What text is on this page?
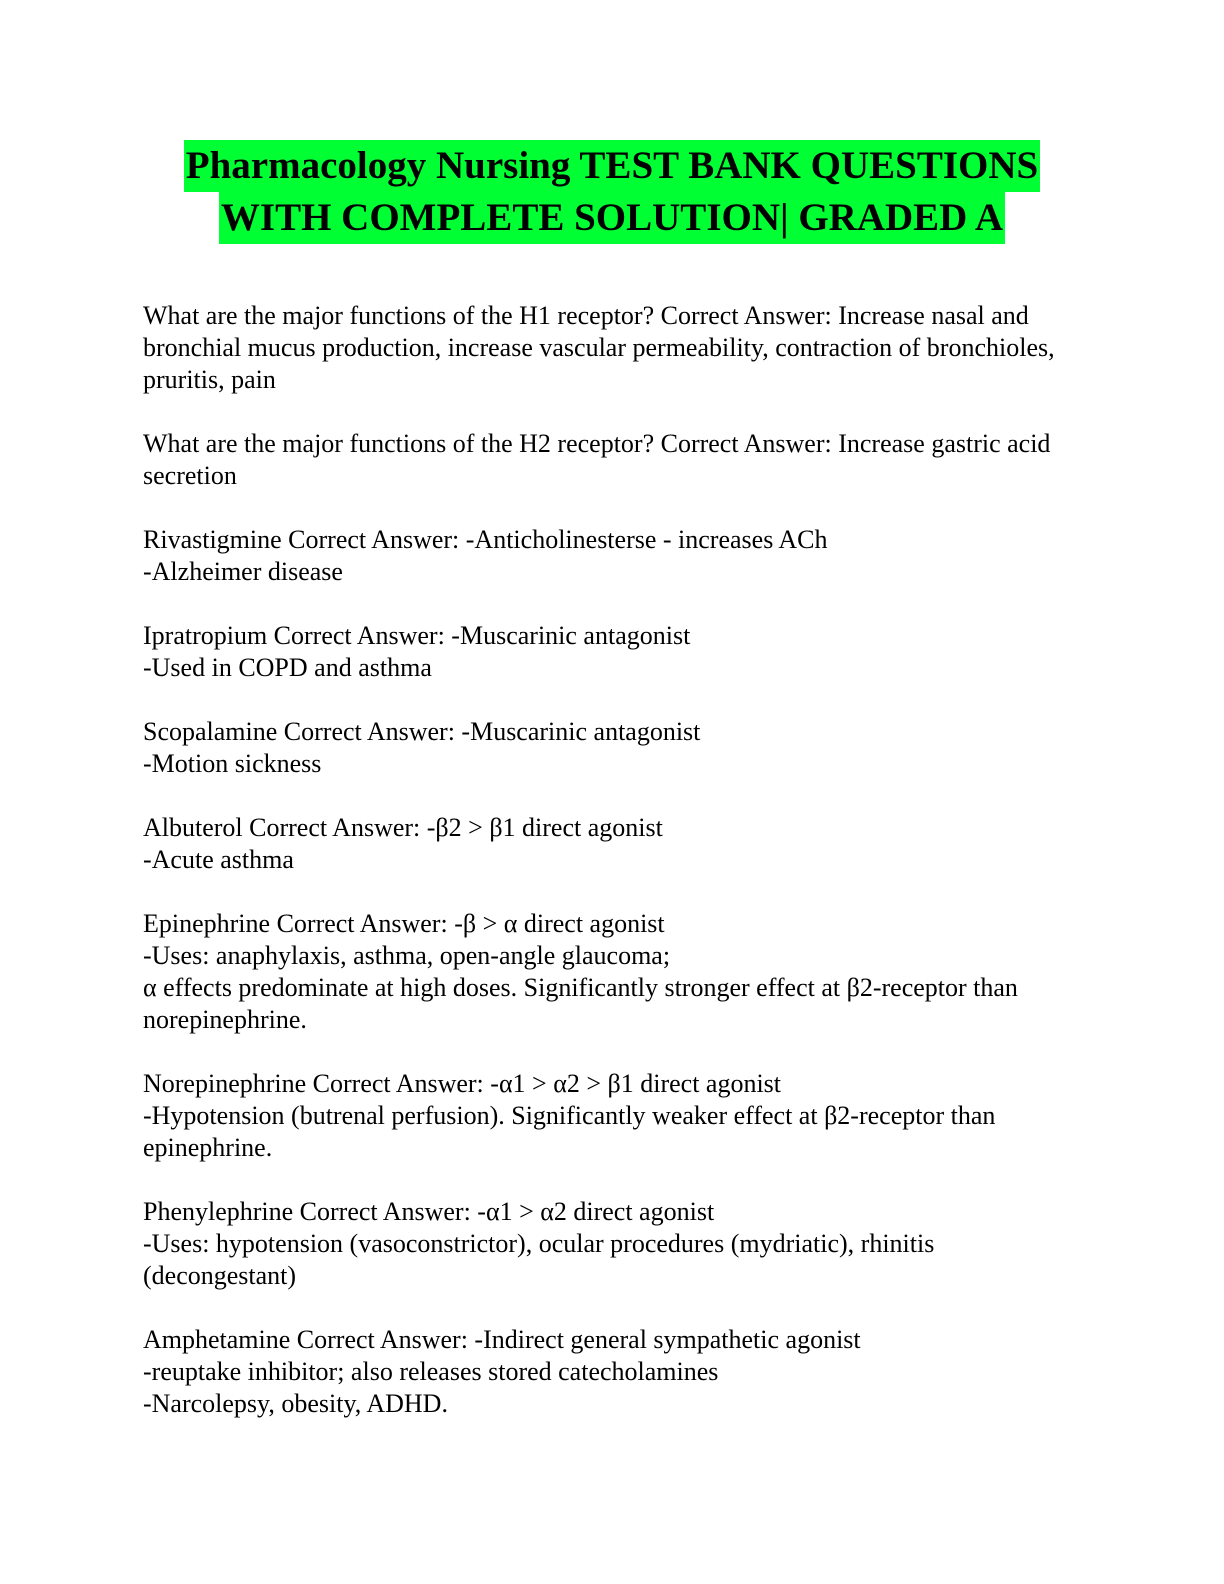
Pharmacology Nursing TEST BANK QUESTIONS
WITH COMPLETE SOLUTION| GRADED A

What are the major functions of the H1 receptor? Correct Answer: Increase nasal and bronchial mucus production, increase vascular permeability, contraction of bronchioles, pruritis, pain

What are the major functions of the H2 receptor? Correct Answer: Increase gastric acid secretion

Rivastigmine Correct Answer: -Anticholinesterse - increases ACh

-Alzheimer disease

Ipratropium Correct Answer: -Muscarinic antagonist

-Used in COPD and asthma

Scopalamine Correct Answer: -Muscarinic antagonist

-Motion sickness

Albuterol Correct Answer: -β2 > β1 direct agonist

-Acute asthma

Epinephrine Correct Answer: -β > α direct agonist

-Uses: anaphylaxis, asthma, open-angle glaucoma;

α effects predominate at high doses. Significantly stronger effect at β2-receptor than norepinephrine.

Norepinephrine Correct Answer: -α1 > α2 > β1 direct agonist

-Hypotension (butrenal perfusion). Significantly weaker effect at β2-receptor than epinephrine.

Phenylephrine Correct Answer: -α1 > α2 direct agonist

-Uses: hypotension (vasoconstrictor), ocular procedures (mydriatic), rhinitis (decongestant)

Amphetamine Correct Answer: -Indirect general sympathetic agonist

-reuptake inhibitor; also releases stored catecholamines

-Narcolepsy, obesity, ADHD.
